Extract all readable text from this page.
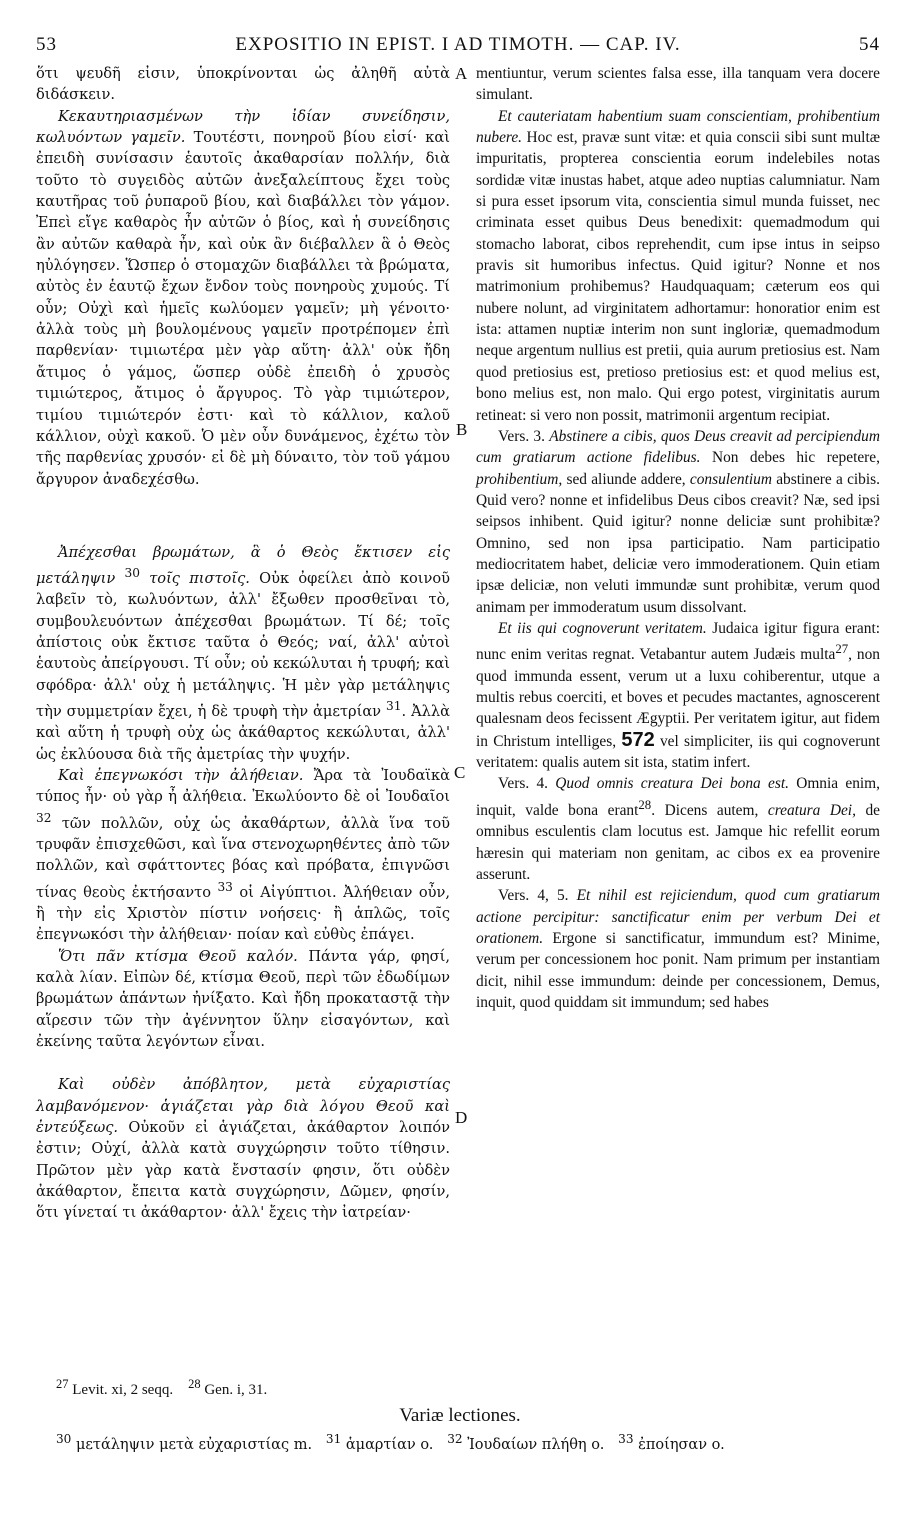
53	EXPOSITIO IN EPIST. I AD TIMOTH. — CAP. IV.	54
A
B
C
D

ὅτι ψευδῆ εἰσιν, ὑποκρίνονται ὡς ἀληθῆ αὐτὰ διδάσκειν.

Κεκαυτηριασμένων τὴν ἰδίαν συνείδησιν, κωλυόντων γαμεῖν. Τουτέστι, πονηροῦ βίου εἰσί· καὶ ἐπειδὴ συνίσασιν ἑαυτοῖς ἀκαθαρσίαν πολλήν, διὰ τοῦτο τὸ συγειδὸς αὐτῶν ἀνεξαλείπτους ἔχει τοὺς καυτῆρας τοῦ ῥυπαροῦ βίου, καὶ διαβάλλει τὸν γάμον. Ἐπεὶ εἴγε καθαρὸς ἦν αὐτῶν ὁ βίος, καὶ ἡ συνείδησις ἂν αὐτῶν καθαρὰ ἦν, καὶ οὐκ ἂν διέβαλλεν ἃ ὁ Θεὸς ηὐλόγησεν. Ὥσπερ ὁ στομαχῶν διαβάλλει τὰ βρώματα, αὐτὸς ἐν ἑαυτῷ ἔχων ἔνδον τοὺς πονηροὺς χυμούς. Τί οὖν; Οὐχὶ καὶ ἡμεῖς κωλύομεν γαμεῖν; μὴ γένοιτο· ἀλλὰ τοὺς μὴ βουλομένους γαμεῖν προτρέπομεν ἐπὶ παρθενίαν· τιμιωτέρα μὲν γὰρ αὕτη· ἀλλ' οὐκ ἤδη ἄτιμος ὁ γάμος, ὥσπερ οὐδὲ ἐπειδὴ ὁ χρυσὸς τιμιώτερος, ἄτιμος ὁ ἄργυρος. Τὸ γὰρ τιμιώτερον, τιμίου τιμιώτερόν ἐστι· καὶ τὸ κάλλιον, καλοῦ κάλλιον, οὐχὶ κακοῦ. Ὁ μὲν οὖν δυνάμενος, ἐχέτω τὸν τῆς παρθενίας χρυσόν· εἰ δὲ μὴ δύναιτο, τὸν τοῦ γάμου ἄργυρον ἀναδεχέσθω.

Ἀπέχεσθαι βρωμάτων, ἃ ὁ Θεὸς ἔκτισεν εἰς μετάληψιν $^{30}$ τοῖς πιστοῖς. Οὐκ ὀφείλει ἀπὸ κοινοῦ λαβεῖν τὸ, κωλυόντων, ἀλλ' ἔξωθεν προσθεῖναι τὸ, συμβουλευόντων ἀπέχεσθαι βρωμάτων. Τί δέ; τοῖς ἀπίστοις οὐκ ἔκτισε ταῦτα ὁ Θεός; ναί, ἀλλ' αὐτοὶ ἑαυτοὺς ἀπείργουσι. Τί οὖν; οὐ κεκώλυται ἡ τρυφή; καὶ σφόδρα· ἀλλ' οὐχ ἡ μετάληψις. Ἡ μὲν γὰρ μετάληψις τὴν συμμετρίαν ἔχει, ἡ δὲ τρυφὴ τὴν ἀμετρίαν $^{31}$. Ἀλλὰ καὶ αὕτη ἡ τρυφὴ οὐχ ὡς ἀκάθαρτος κεκώλυται, ἀλλ' ὡς ἐκλύουσα διὰ τῆς ἀμετρίας τὴν ψυχήν.

Καὶ ἐπεγνωκόσι τὴν ἀλήθειαν. Ἄρα τὰ Ἰουδαϊκὰ τύπος ἦν· οὐ γὰρ ἦ ἀλήθεια. Ἐκωλύοντο δὲ οἱ Ἰουδαῖοι $^{32}$ τῶν πολλῶν, οὐχ ὡς ἀκαθάρτων, ἀλλὰ ἵνα τοῦ τρυφᾶν ἐπισχεθῶσι, καὶ ἵνα στενοχωρηθέντες ἀπὸ τῶν πολλῶν, καὶ σφάττοντες βόας καὶ πρόβατα, ἐπιγνῶσι τίνας θεοὺς ἐκτήσαντο $^{33}$ οἱ Αἰγύπτιοι. Ἀλήθειαν οὖν, ἢ τὴν εἰς Χριστὸν πίστιν νοήσεις· ἢ ἁπλῶς, τοῖς ἐπεγνωκόσι τὴν ἀλήθειαν· ποίαν καὶ εὐθὺς ἐπάγει.

Ὅτι πᾶν κτίσμα Θεοῦ καλόν. Πάντα γάρ, φησί, καλὰ λίαν. Εἰπὼν δέ, κτίσμα Θεοῦ, περὶ τῶν ἐδωδίμων βρωμάτων ἁπάντων ἠνίξατο. Καὶ ἤδη προκαταστᾷ τὴν αἵρεσιν τῶν τὴν ἀγέννητον ὕλην εἰσαγόντων, καὶ ἐκείνης ταῦτα λεγόντων εἶναι.

Καὶ οὐδὲν ἀπόβλητον, μετὰ εὐχαριστίας λαμβανόμενον· ἁγιάζεται γὰρ διὰ λόγου Θεοῦ καὶ ἐντεύξεως. Οὐκοῦν εἰ ἁγιάζεται, ἀκάθαρτον λοιπόν ἐστιν; Οὐχί, ἀλλὰ κατὰ συγχώρησιν τοῦτο τίθησιν. Πρῶτον μὲν γὰρ κατὰ ἔνστασίν φησιν, ὅτι οὐδὲν ἀκάθαρτον, ἔπειτα κατὰ συγχώρησιν, Δῶμεν, φησίν, ὅτι γίνεταί τι ἀκάθαρτον· ἀλλ' ἔχεις τὴν ἰατρείαν·

mentiuntur, verum scientes falsa esse, illa tanquam vera docere simulant.

Et cauteriatam habentium suam conscientiam, prohibentium nubere. Hoc est, pravæ sunt vitæ: et quia conscii sibi sunt multæ impuritatis, propterea conscientia eorum indelebiles notas sordidæ vitæ inustas habet, atque adeo nuptias calumniatur. Nam si pura esset ipsorum vita, conscientia simul munda fuisset, nec criminata esset quibus Deus benedixit: quemadmodum qui stomacho laborat, cibos reprehendit, cum ipse intus in seipso pravis sit humoribus infectus. Quid igitur? Nonne et nos matrimonium prohibemus? Haudquaquam; cæterum eos qui nubere nolunt, ad virginitatem adhortamur: honoratior enim est ista: attamen nuptiæ interim non sunt ingloriæ, quemadmodum neque argentum nullius est pretii, quia aurum pretiosius est. Nam quod pretiosius est, pretioso pretiosius est: et quod melius est, bono melius est, non malo. Qui ergo potest, virginitatis aurum retineat: si vero non possit, matrimonii argentum recipiat.

Vers. 3. Abstinere a cibis, quos Deus creavit ad percipiendum cum gratiarum actione fidelibus. Non debes hic repetere, prohibentium, sed aliunde addere, consulentium abstinere a cibis. Quid vero? nonne et infidelibus Deus cibos creavit? Næ, sed ipsi seipsos inhibent. Quid igitur? nonne deliciæ sunt prohibitæ? Omnino, sed non ipsa participatio. Nam participatio mediocritatem habet, deliciæ vero immoderationem. Quin etiam ipsæ deliciæ, non veluti immundæ sunt prohibitæ, verum quod animam per immoderatum usum dissolvant.

Et iis qui cognoverunt veritatem. Judaica igitur figura erant: nunc enim veritas regnat. Vetabantur autem Judæis multa$^{27}$, non quod immunda essent, verum ut a luxu cohiberentur, utque a multis rebus coerciti, et boves et pecudes mactantes, agnoscerent qualesnam deos fecissent Ægyptii. Per veritatem igitur, aut fidem in Christum intelliges, 572 vel simpliciter, iis qui cognoverunt veritatem: qualis autem sit ista, statim infert.

Vers. 4. Quod omnis creatura Dei bona est. Omnia enim, inquit, valde bona erant$^{28}$. Dicens autem, creatura Dei, de omnibus esculentis clam locutus est. Jamque hic refellit eorum hæresin qui materiam non genitam, ac cibos ex ea provenire asserunt.

Vers. 4, 5. Et nihil est rejiciendum, quod cum gratiarum actione percipitur: sanctificatur enim per verbum Dei et orationem. Ergone si sanctificatur, immundum est? Minime, verum per concessionem hoc ponit. Nam primum per instantiam dicit, nihil esse immundum: deinde per concessionem, Demus, inquit, quod quiddam sit immundum; sed habes

$^{27}$ Levit. xi, 2 seqq. $^{28}$ Gen. i, 31.
Variæ lectiones.
$^{30}$ μετάληψιν μετὰ εὐχαριστίας m. $^{31}$ ἁμαρτίαν o. $^{32}$ Ἰουδαίων πλήθη o. $^{33}$ ἐποίησαν o.
